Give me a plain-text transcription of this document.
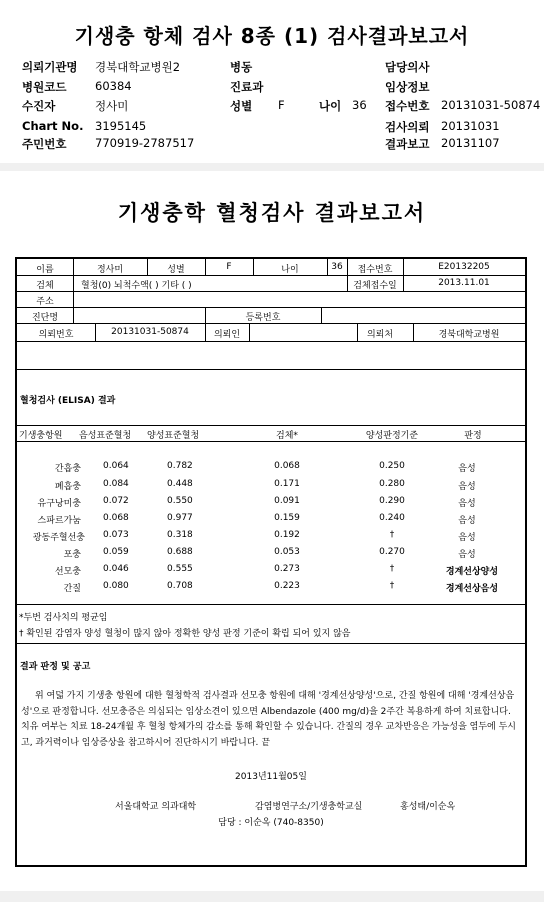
기생충 항체 검사 8종 (1) 검사결과보고서
의뢰기관명 경북대학교병원2	병동	담당의사
병원코드 60384	진료과	임상정보
수진자	정사미	성별 F	나이 36 접수번호 20131031-50874
Chart No. 3195145	검사의뢰 20131031
주민번호 770919-2787517	결과보고 20131107
기생충학 혈청검사 결과보고서
이름	정사미	성별	F	나이	36	접수번호	E20132205
검체	혈청(0) 뇌척수액( ) 기타 ( )	검체접수일	2013.11.01
주소
진단명	등록번호
의뢰번호	20131031-50874	의뢰인	의뢰처	경북대학교병원
혈청검사 (ELISA) 결과
기생충항원 음성표준혈청 양성표준혈청	검체*	양성판정기준	판정
간흡충 0.064	0.782	0.068	0.250	음성
폐흡충 0.084	0.448	0.171	0.280	음성
유구낭미충 0.072	0.550	0.091	0.290	음성
스파르가눔 0.068	0.977	0.159	0.240	음성
광동주혈선충 0.073	0.318	0.192	†	음성
포충 0.059	0.688	0.053	0.270	음성
선모충 0.046	0.555	0.273	†	경계선상양성
간질 0.080	0.708	0.223	†	경계선상음성
*두번 검사치의 평균임
† 확인된 감염자 양성 혈청이 많지 않아 정확한 양성 판정 기준이 확립 되어 있지 않음
결과 판정 및 공고
위 여덟 가지 기생충 항원에 대한 혈청학적 검사결과 선모충 항원에 대해 '경계선상양성'으로, 간질 항원에 대해 '경계선상음성'으로 판정합니다. 선모충증은 의심되는 임상소견이 있으면 Albendazole (400 mg/d)을 2주간 복용하게 하여 치료합니다. 치유 여부는 치료 18-24개월 후 혈청 항체가의 감소를 통해 확인할 수 있습니다. 간질의 경우 교차반응은 가능성을 염두에 두시고, 과거력이나 임상증상을 참고하시어 진단하시기 바랍니다. 끝
2013년11월05일
서울대학교 의과대학	감염병연구소/기생충학교실	홍성태/이순옥
담당 : 이순옥 (740-8350)
